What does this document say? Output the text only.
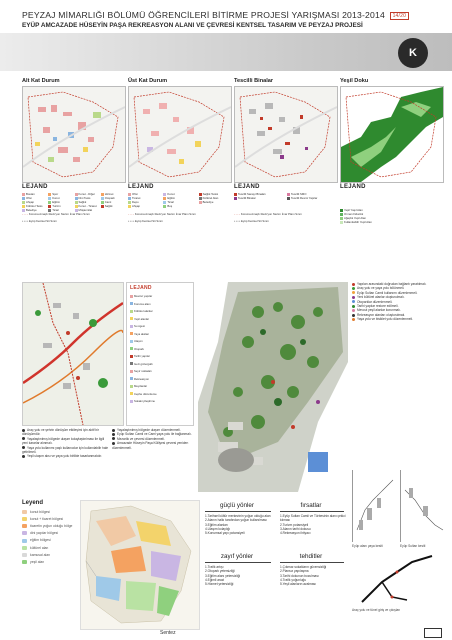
PEYZAJ MİMARLIĞI BÖLÜMÜ ÖĞRENCİLERİ BİTİRME PROJESİ YARIŞMASI 2013-2014 14/20
EYÜP AMCAZADE HÜSEYİN PAŞA REKREASYON ALANI VE ÇEVRESİ KENTSEL TASARIM VE PEYZAJ PROJESİ
K
Alt Kat Durum	Üst Kat Durum	Tescilli Binalar	Yeşil Doku
LEJAND	LEJAND	LEJAND	LEJAND
Bostan
Ofisi
Ahşap
Kültürel Tesis
Belediye
Spor
Konut
Eğitim
Turizm
Ticari
Konut - Diğer
Dini Tesis
Sağlık
Konut - Ticaret
Müştemilat
Hizmet
Otopark
Cami
Sağlık
Ofisi
Ticaret
Depo
Ahşap
Konut
Eğitim
Ticari
Boş
Sağlık Tesisi
Kültürel Alan
Belediye
Tescilli Sanayi Binaları
Tescilli Binalar
Tescilli SMO
Tescilli Resmi Yapılar
Yeşil Yaşıl Alan
Orman Fidanlık
Ağaçlık Yeşil Alan
Kullanılabilir Yeşil Alan
- - - - Koruma Amaçlı Revizyon Nazım İmar Planı Sınırı
• • • • Eyüp Kentsel Sit Sınırı
- - - - Koruma Amaçlı Revizyon Nazım İmar Planı Sınırı
• • • • Eyüp Kentsel Sit Sınırı
- - - - Koruma Amaçlı Revizyon Nazım İmar Planı Sınırı
• • • • Eyüp Kentsel Sit Sınırı
LEJAND
Mevcut yapılar
Koruma alanı
Kültürel alanlar
Yeşil alanlar
Su ögesi
Yaya aksları
Ulaşım
Otopark
Tarihi yapılar
Gezi güzergahı
Seyir noktaları
Rekreasyon
Meydanlar
Cephe düzenleme
Sokak iyileştirme
Yapıları arasındaki doğrudan bağlantı yaratılmalı.
Araç yolu ve yaya yolu bölünmeli.
Eyüp Sultan Camii kullanımı düzenlenmeli.
Yeni kültürel alanlar oluşturulmalı.
Otoparklar düzenlenmeli.
Tarihi yapılar restore edilmeli.
Mevcut yeşil alanlar korunmalı.
Rekreasyon alanları oluşturulmalı.
Yaya yolu ve bisiklet yolu düzenlenmeli.
Araç yolu ve şehrin dönüşüm etkileşimi için aktif bir dönüşümdür.
Yayalaştırılmış bölgede ulaşım kolaylaştırılması ile ilgili yeni kararlar alınmalı.
Yaya yolu kullanımı yaşlı kullanıcılar için kullanılabilir hale getirilmeli.
Yeşil ulaşım aksı ve yaya yolu birlikte tasarlanmalıdır.
Yayalaştırılmış bölgede ulaşım düzenlenmeli.
Eyüp Sultan Camii ve Cami yaya yolu ile bağlanmalı.
Mezarlık ve çevresi düzenlenmeli.
Amcazade Hüseyin Paşa Külliyesi çevresi yeniden düzenlenmeli.
Eyüp alanı yaya kesiti	Eyüp Sultan kesiti
Araç yolu ve tünel giriş ve çıkışları
güçlü yönler
1.Tarihsel kültür merkezinin yoğun olduğu alan
2.Alanın halkı tarafından yoğun kullanılması
3.Eğitim alanları
4.Ulaşım kolaylığı
5.Konumsal yapı potansiyeli
zayıf yönler
1.Trafik artışı
2.Otopark yetersizliği
3.Eğitim alanı yetersizliği
4.Eğimli arazi
5.Hizmet yetersizliği
fırsatlar
1.Eyüp Sultan Camii ve Türbesinin alanı çekici kılması
2.Turizm potansiyeli
3.Alanın tarihi dokusu
4.Rekreasyon ihtiyacı
tehditler
1.Çıkmaz sokakların güvensizliği
2.Plansız yapılaşma
3.Tarihi dokunun bozulması
4.Trafik yoğunluğu
5.Yeşil alanların azalması
Leyend
konut bölgesi
konut + ticaret bölgesi
ticaretin yoğun olduğu bölge
dini yapılar bölgesi
eğitim bölgesi
kültürel alan
kamusal alan
yeşil alan
Sentez
